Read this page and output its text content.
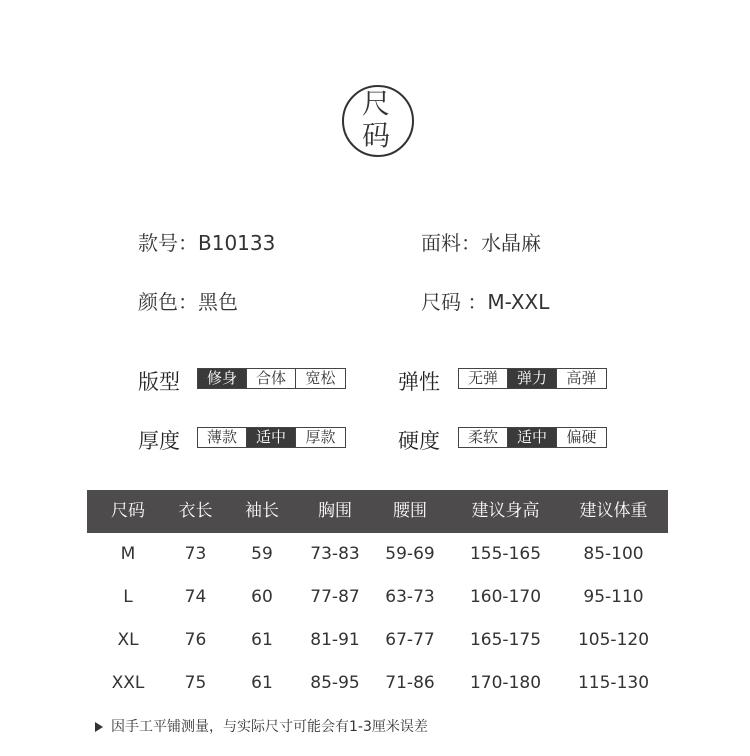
尺
码
款号：B10133	面料：水晶麻
颜色：黑色	尺码 ：M-XXL
版型	修身	合体	宽松	弹性	无弹	弹力	高弹
厚度	薄款	适中	厚款	硬度	柔软	适中	偏硬
尺码	衣长	袖长	胸围	腰围	建议身高	建议体重
M	73	59	73-83	59-69	155-165	85-100
L	74	60	77-87	63-73	160-170	95-110
XL	76	61	81-91	67-77	165-175	105-120
XXL	75	61	85-95	71-86	170-180	115-130
因手工平铺测量，与实际尺寸可能会有1-3厘米误差
